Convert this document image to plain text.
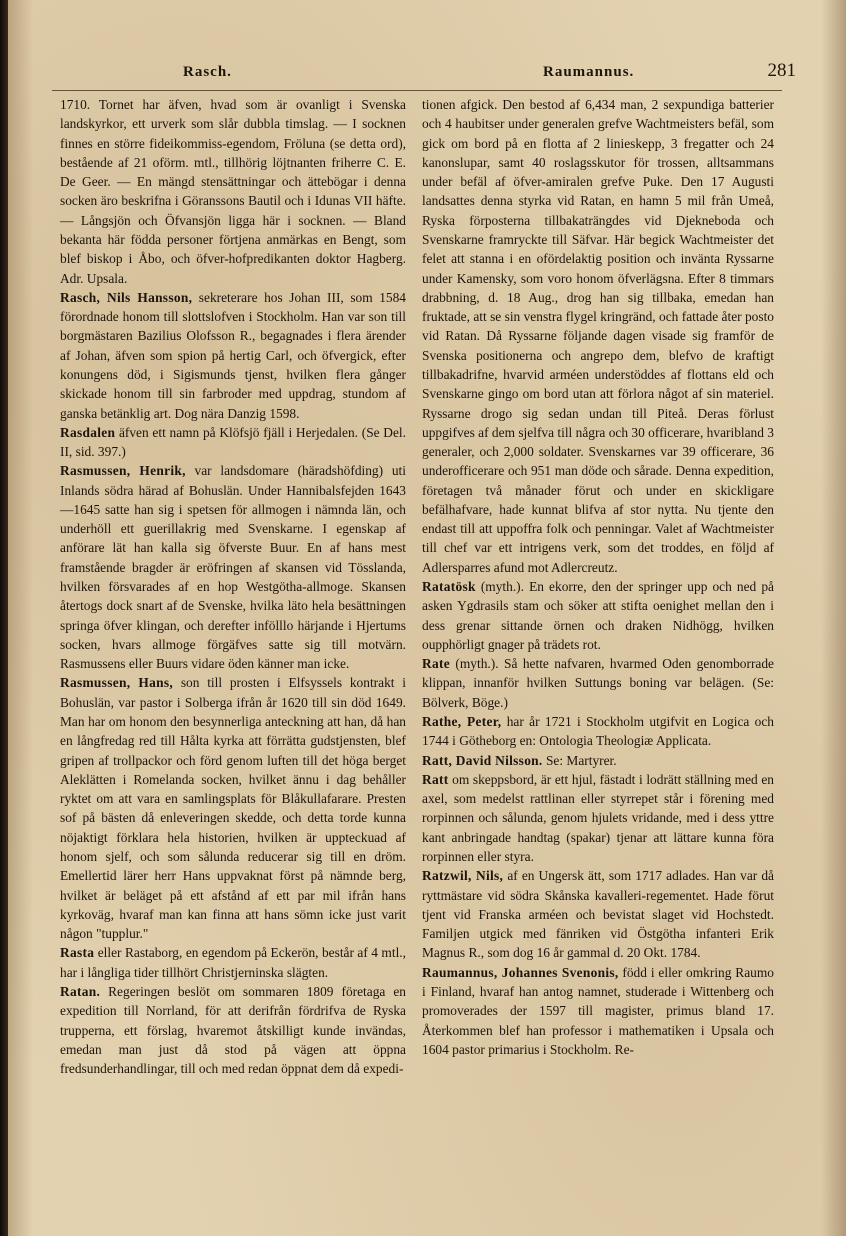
Rasch.	Raumannus.	281

1710. Tornet har äfven, hvad som är ovanligt i Svenska landskyrkor, ett urverk som slår dubbla timslag. — I socknen finnes en större fideikommiss-egendom, Fröluna (se detta ord), bestående af 21 oförm. mtl., tillhörig löjtnanten friherre C. E. De Geer. — En mängd stensättningar och ättebögar i denna socken äro beskrifna i Göranssons Bautil och i Idunas VII häfte. — Långsjön och Öfvansjön ligga här i socknen. — Bland bekanta här födda personer förtjena anmärkas en Bengt, som blef biskop i Åbo, och öfver-hofpredikanten doktor Hagberg. Adr. Upsala.

Rasch, Nils Hansson, sekreterare hos Johan III, som 1584 förordnade honom till slottslofven i Stockholm. Han var son till borgmästaren Bazilius Olofsson R., begagnades i flera ärender af Johan, äfven som spion på hertig Carl, och öfvergick, efter konungens död, i Sigismunds tjenst, hvilken flera gånger skickade honom till sin farbroder med uppdrag, stundom af ganska betänklig art. Dog nära Danzig 1598.

Rasdalen äfven ett namn på Klöfsjö fjäll i Herjedalen. (Se Del. II, sid. 397.)

Rasmussen, Henrik, var landsdomare (häradshöfding) uti Inlands södra härad af Bohuslän. Under Hannibalsfejden 1643—1645 satte han sig i spetsen för allmogen i nämnda län, och underhöll ett guerillakrig med Svenskarne. I egenskap af anförare lät han kalla sig öfverste Buur. En af hans mest framstående bragder är eröfringen af skansen vid Tösslanda, hvilken försvarades af en hop Westgötha-allmoge. Skansen återtogs dock snart af de Svenske, hvilka läto hela besättningen springa öfver klingan, och derefter infölllo härjande i Hjertums socken, hvars allmoge förgäfves satte sig till motvärn. Rasmussens eller Buurs vidare öden känner man icke.

Rasmussen, Hans, son till prosten i Elfsyssels kontrakt i Bohuslän, var pastor i Solberga ifrån år 1620 till sin död 1649. Man har om honom den besynnerliga anteckning att han, då han en långfredag red till Hålta kyrka att förrätta gudstjensten, blef gripen af trollpackor och förd genom luften till det höga berget Aleklätten i Romelanda socken, hvilket ännu i dag behåller ryktet om att vara en samlingsplats för Blåkullafarare. Presten sof på bästen då enleveringen skedde, och detta torde kunna nöjaktigt förklara hela historien, hvilken är uppteckuad af honom sjelf, och som sålunda reducerar sig till en dröm. Emellertid lärer herr Hans uppvaknat först på nämnde berg, hvilket är beläget på ett afstånd af ett par mil ifrån hans kyrkoväg, hvaraf man kan finna att hans sömn icke just varit någon "tupplur."

Rasta eller Rastaborg, en egendom på Eckerön, består af 4 mtl., har i långliga tider tillhört Christjerninska slägten.

Ratan. Regeringen beslöt om sommaren 1809 företaga en expedition till Norrland, för att derifrån fördrifva de Ryska trupperna, ett förslag, hvaremot åtskilligt kunde invändas, emedan man just då stod på vägen att öppna fredsunderhandlingar, till och med redan öppnat dem då expedi-

tionen afgick. Den bestod af 6,434 man, 2 sexpundiga batterier och 4 haubitser under generalen grefve Wachtmeisters befäl, som gick om bord på en flotta af 2 linieskepp, 3 fregatter och 24 kanonslupar, samt 40 roslagsskutor för trossen, alltsammans under befäl af öfver-amiralen grefve Puke. Den 17 Augusti landsattes denna styrka vid Ratan, en hamn 5 mil från Umeå, Ryska förposterna tillbakaträngdes vid Djekneboda och Svenskarne framryckte till Säfvar. Här begick Wachtmeister det felet att stanna i en ofördelaktig position och invänta Ryssarne under Kamensky, som voro honom öfverlägsna. Efter 8 timmars drabbning, d. 18 Aug., drog han sig tillbaka, emedan han fruktade, att se sin venstra flygel kringränd, och fattade åter posto vid Ratan. Då Ryssarne följande dagen visade sig framför de Svenska positionerna och angrepo dem, blefvo de kraftigt tillbakadrifne, hvarvid arméen understöddes af flottans eld och Svenskarne gingo om bord utan att förlora något af sin materiel. Ryssarne drogo sig sedan undan till Piteå. Deras förlust uppgifves af dem sjelfva till några och 30 officerare, hvaribland 3 generaler, och 2,000 soldater. Svenskarnes var 39 officerare, 36 underofficerare och 951 man döde och sårade. Denna expedition, företagen två månader förut och under en skickligare befälhafvare, hade kunnat blifva af stor nytta. Nu tjente den endast till att uppoffra folk och penningar. Valet af Wachtmeister till chef var ett intrigens verk, som det troddes, en följd af Adlersparres afund mot Adlercreutz.

Ratatösk (myth.). En ekorre, den der springer upp och ned på asken Ygdrasils stam och söker att stifta oenighet mellan den i dess grenar sittande örnen och draken Nidhögg, hvilken oupphörligt gnager på trädets rot.

Rate (myth.). Så hette nafvaren, hvarmed Oden genomborrade klippan, innanför hvilken Suttungs boning var belägen. (Se: Bölverk, Böge.)

Rathe, Peter, har år 1721 i Stockholm utgifvit en Logica och 1744 i Götheborg en: Ontologia Theologiæ Applicata.

Ratt, David Nilsson. Se: Martyrer.

Ratt om skeppsbord, är ett hjul, fästadt i lodrätt ställning med en axel, som medelst rattlinan eller styrrepet står i förening med rorpinnen och sålunda, genom hjulets vridande, med i dess yttre kant anbringade handtag (spakar) tjenar att lättare kunna föra rorpinnen eller styra.

Ratzwil, Nils, af en Ungersk ätt, som 1717 adlades. Han var då ryttmästare vid södra Skånska kavalleri-regementet. Hade förut tjent vid Franska arméen och bevistat slaget vid Hochstedt. Familjen utgick med fänriken vid Östgötha infanteri Erik Magnus R., som dog 16 år gammal d. 20 Okt. 1784.

Raumannus, Johannes Svenonis, född i eller omkring Raumo i Finland, hvaraf han antog namnet, studerade i Wittenberg och promoverades der 1597 till magister, primus bland 17. Återkommen blef han professor i mathematiken i Upsala och 1604 pastor primarius i Stockholm. Re-
